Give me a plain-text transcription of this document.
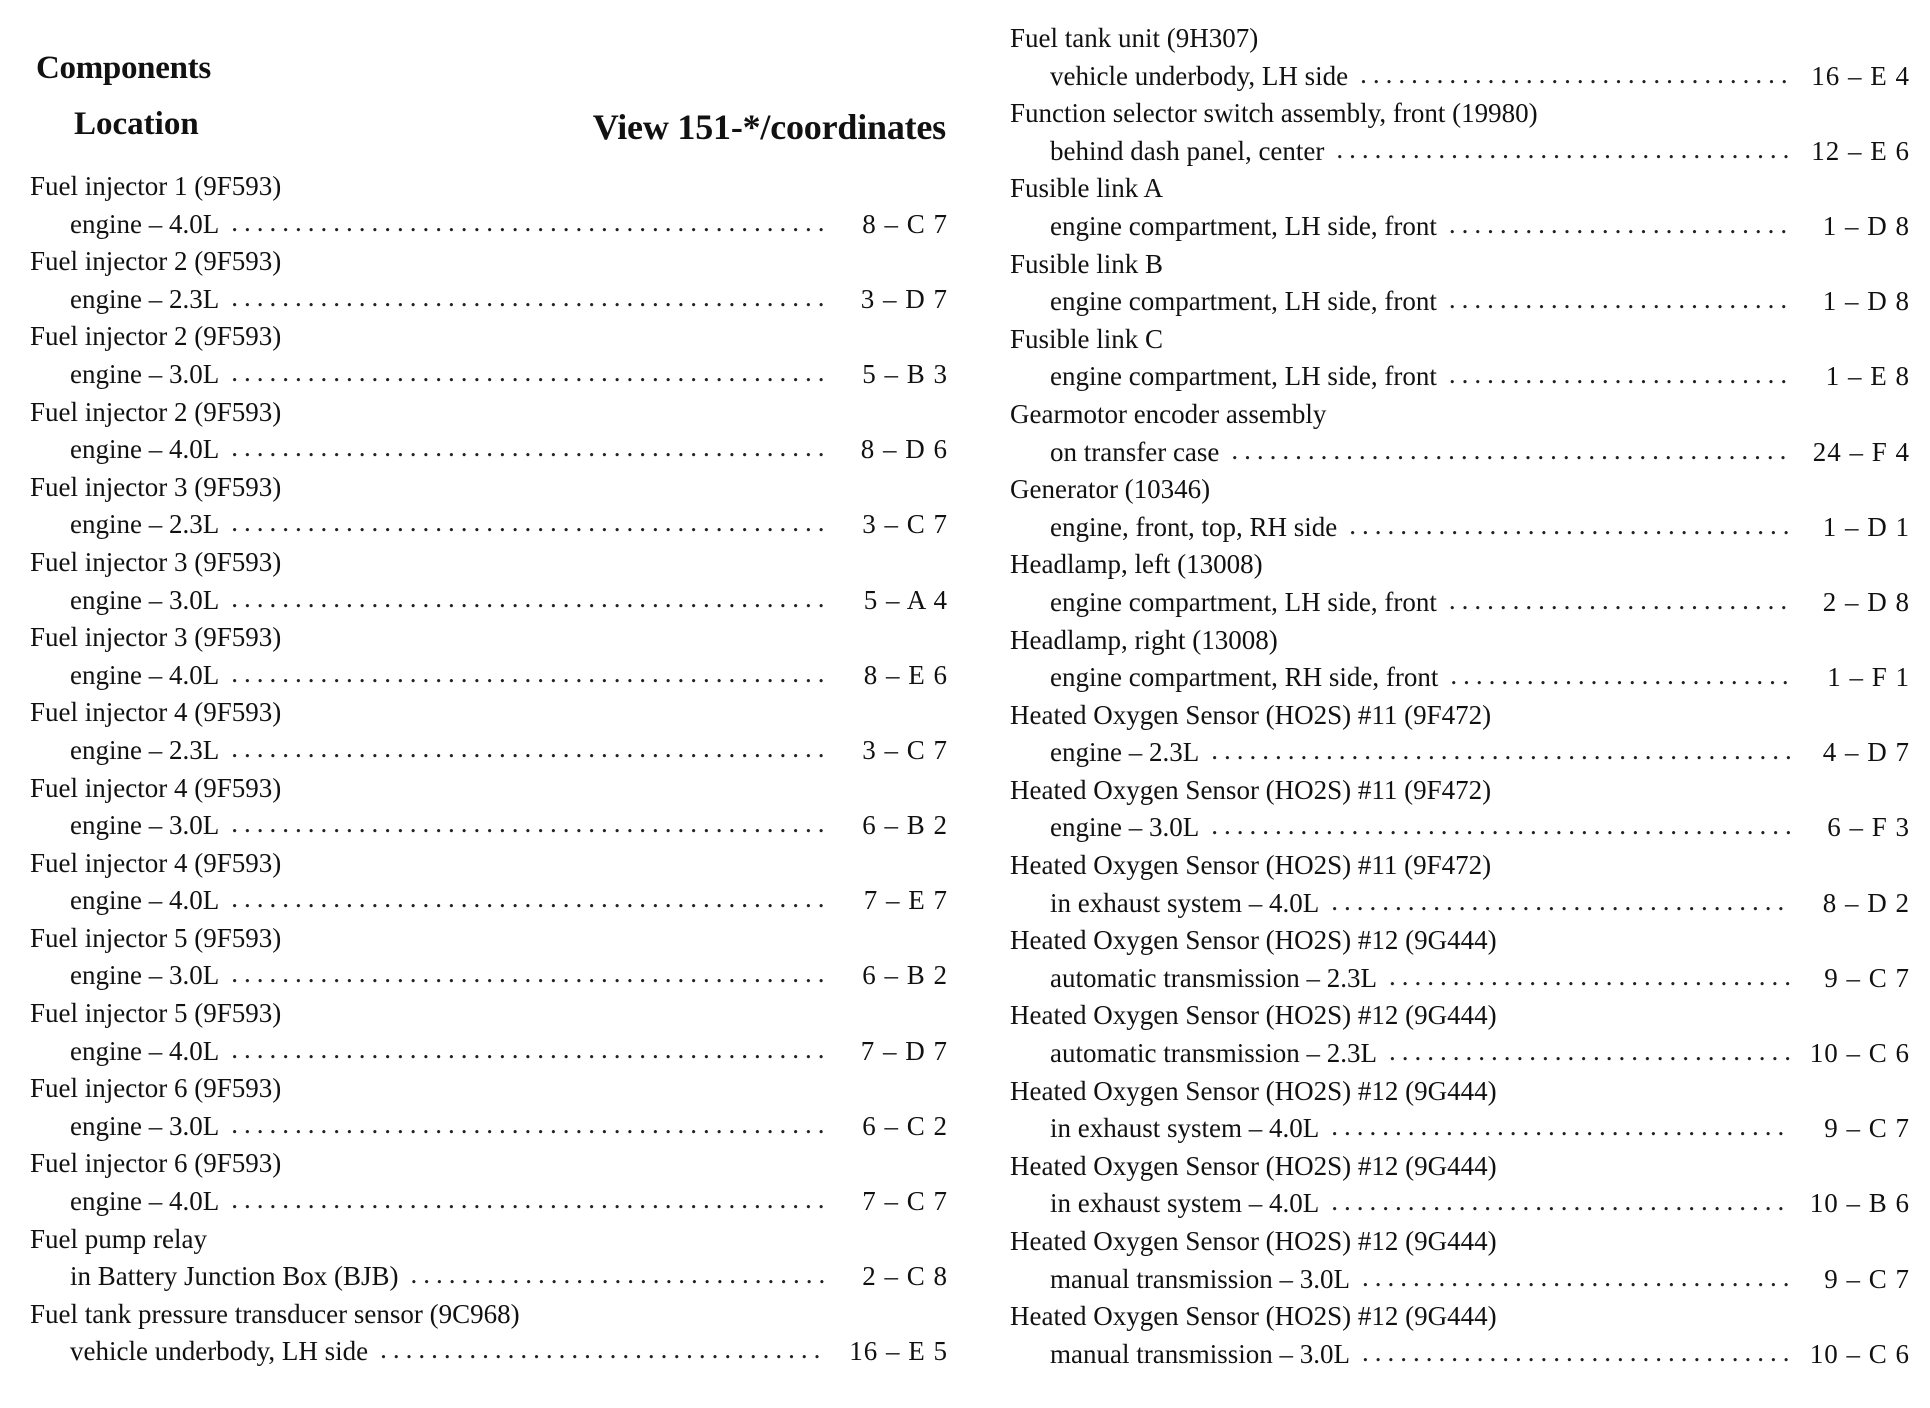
Components
Location	View 151-*/coordinates
Fuel injector 1 (9F593)
engine – 4.0L .....	8 – C 7
Fuel injector 2 (9F593)
engine – 2.3L .....	3 – D 7
Fuel injector 2 (9F593)
engine – 3.0L .....	5 – B 3
Fuel injector 2 (9F593)
engine – 4.0L .....	8 – D 6
Fuel injector 3 (9F593)
engine – 2.3L .....	3 – C 7
Fuel injector 3 (9F593)
engine – 3.0L .....	5 – A 4
Fuel injector 3 (9F593)
engine – 4.0L .....	8 – E 6
Fuel injector 4 (9F593)
engine – 2.3L .....	3 – C 7
Fuel injector 4 (9F593)
engine – 3.0L .....	6 – B 2
Fuel injector 4 (9F593)
engine – 4.0L .....	7 – E 7
Fuel injector 5 (9F593)
engine – 3.0L .....	6 – B 2
Fuel injector 5 (9F593)
engine – 4.0L .....	7 – D 7
Fuel injector 6 (9F593)
engine – 3.0L .....	6 – C 2
Fuel injector 6 (9F593)
engine – 4.0L .....	7 – C 7
Fuel pump relay
in Battery Junction Box (BJB) .....	2 – C 8
Fuel tank pressure transducer sensor (9C968)
vehicle underbody, LH side .....	16 – E 5
Fuel tank unit (9H307)
vehicle underbody, LH side .....	16 – E 4
Function selector switch assembly, front (19980)
behind dash panel, center .....	12 – E 6
Fusible link A
engine compartment, LH side, front .....	1 – D 8
Fusible link B
engine compartment, LH side, front .....	1 – D 8
Fusible link C
engine compartment, LH side, front .....	1 – E 8
Gearmotor encoder assembly
on transfer case .....	24 – F 4
Generator (10346)
engine, front, top, RH side .....	1 – D 1
Headlamp, left (13008)
engine compartment, LH side, front .....	2 – D 8
Headlamp, right (13008)
engine compartment, RH side, front .....	1 – F 1
Heated Oxygen Sensor (HO2S) #11 (9F472)
engine – 2.3L .....	4 – D 7
Heated Oxygen Sensor (HO2S) #11 (9F472)
engine – 3.0L .....	6 – F 3
Heated Oxygen Sensor (HO2S) #11 (9F472)
in exhaust system – 4.0L .....	8 – D 2
Heated Oxygen Sensor (HO2S) #12 (9G444)
automatic transmission – 2.3L .....	9 – C 7
Heated Oxygen Sensor (HO2S) #12 (9G444)
automatic transmission – 2.3L .....	10 – C 6
Heated Oxygen Sensor (HO2S) #12 (9G444)
in exhaust system – 4.0L .....	9 – C 7
Heated Oxygen Sensor (HO2S) #12 (9G444)
in exhaust system – 4.0L .....	10 – B 6
Heated Oxygen Sensor (HO2S) #12 (9G444)
manual transmission – 3.0L .....	9 – C 7
Heated Oxygen Sensor (HO2S) #12 (9G444)
manual transmission – 3.0L .....	10 – C 6
